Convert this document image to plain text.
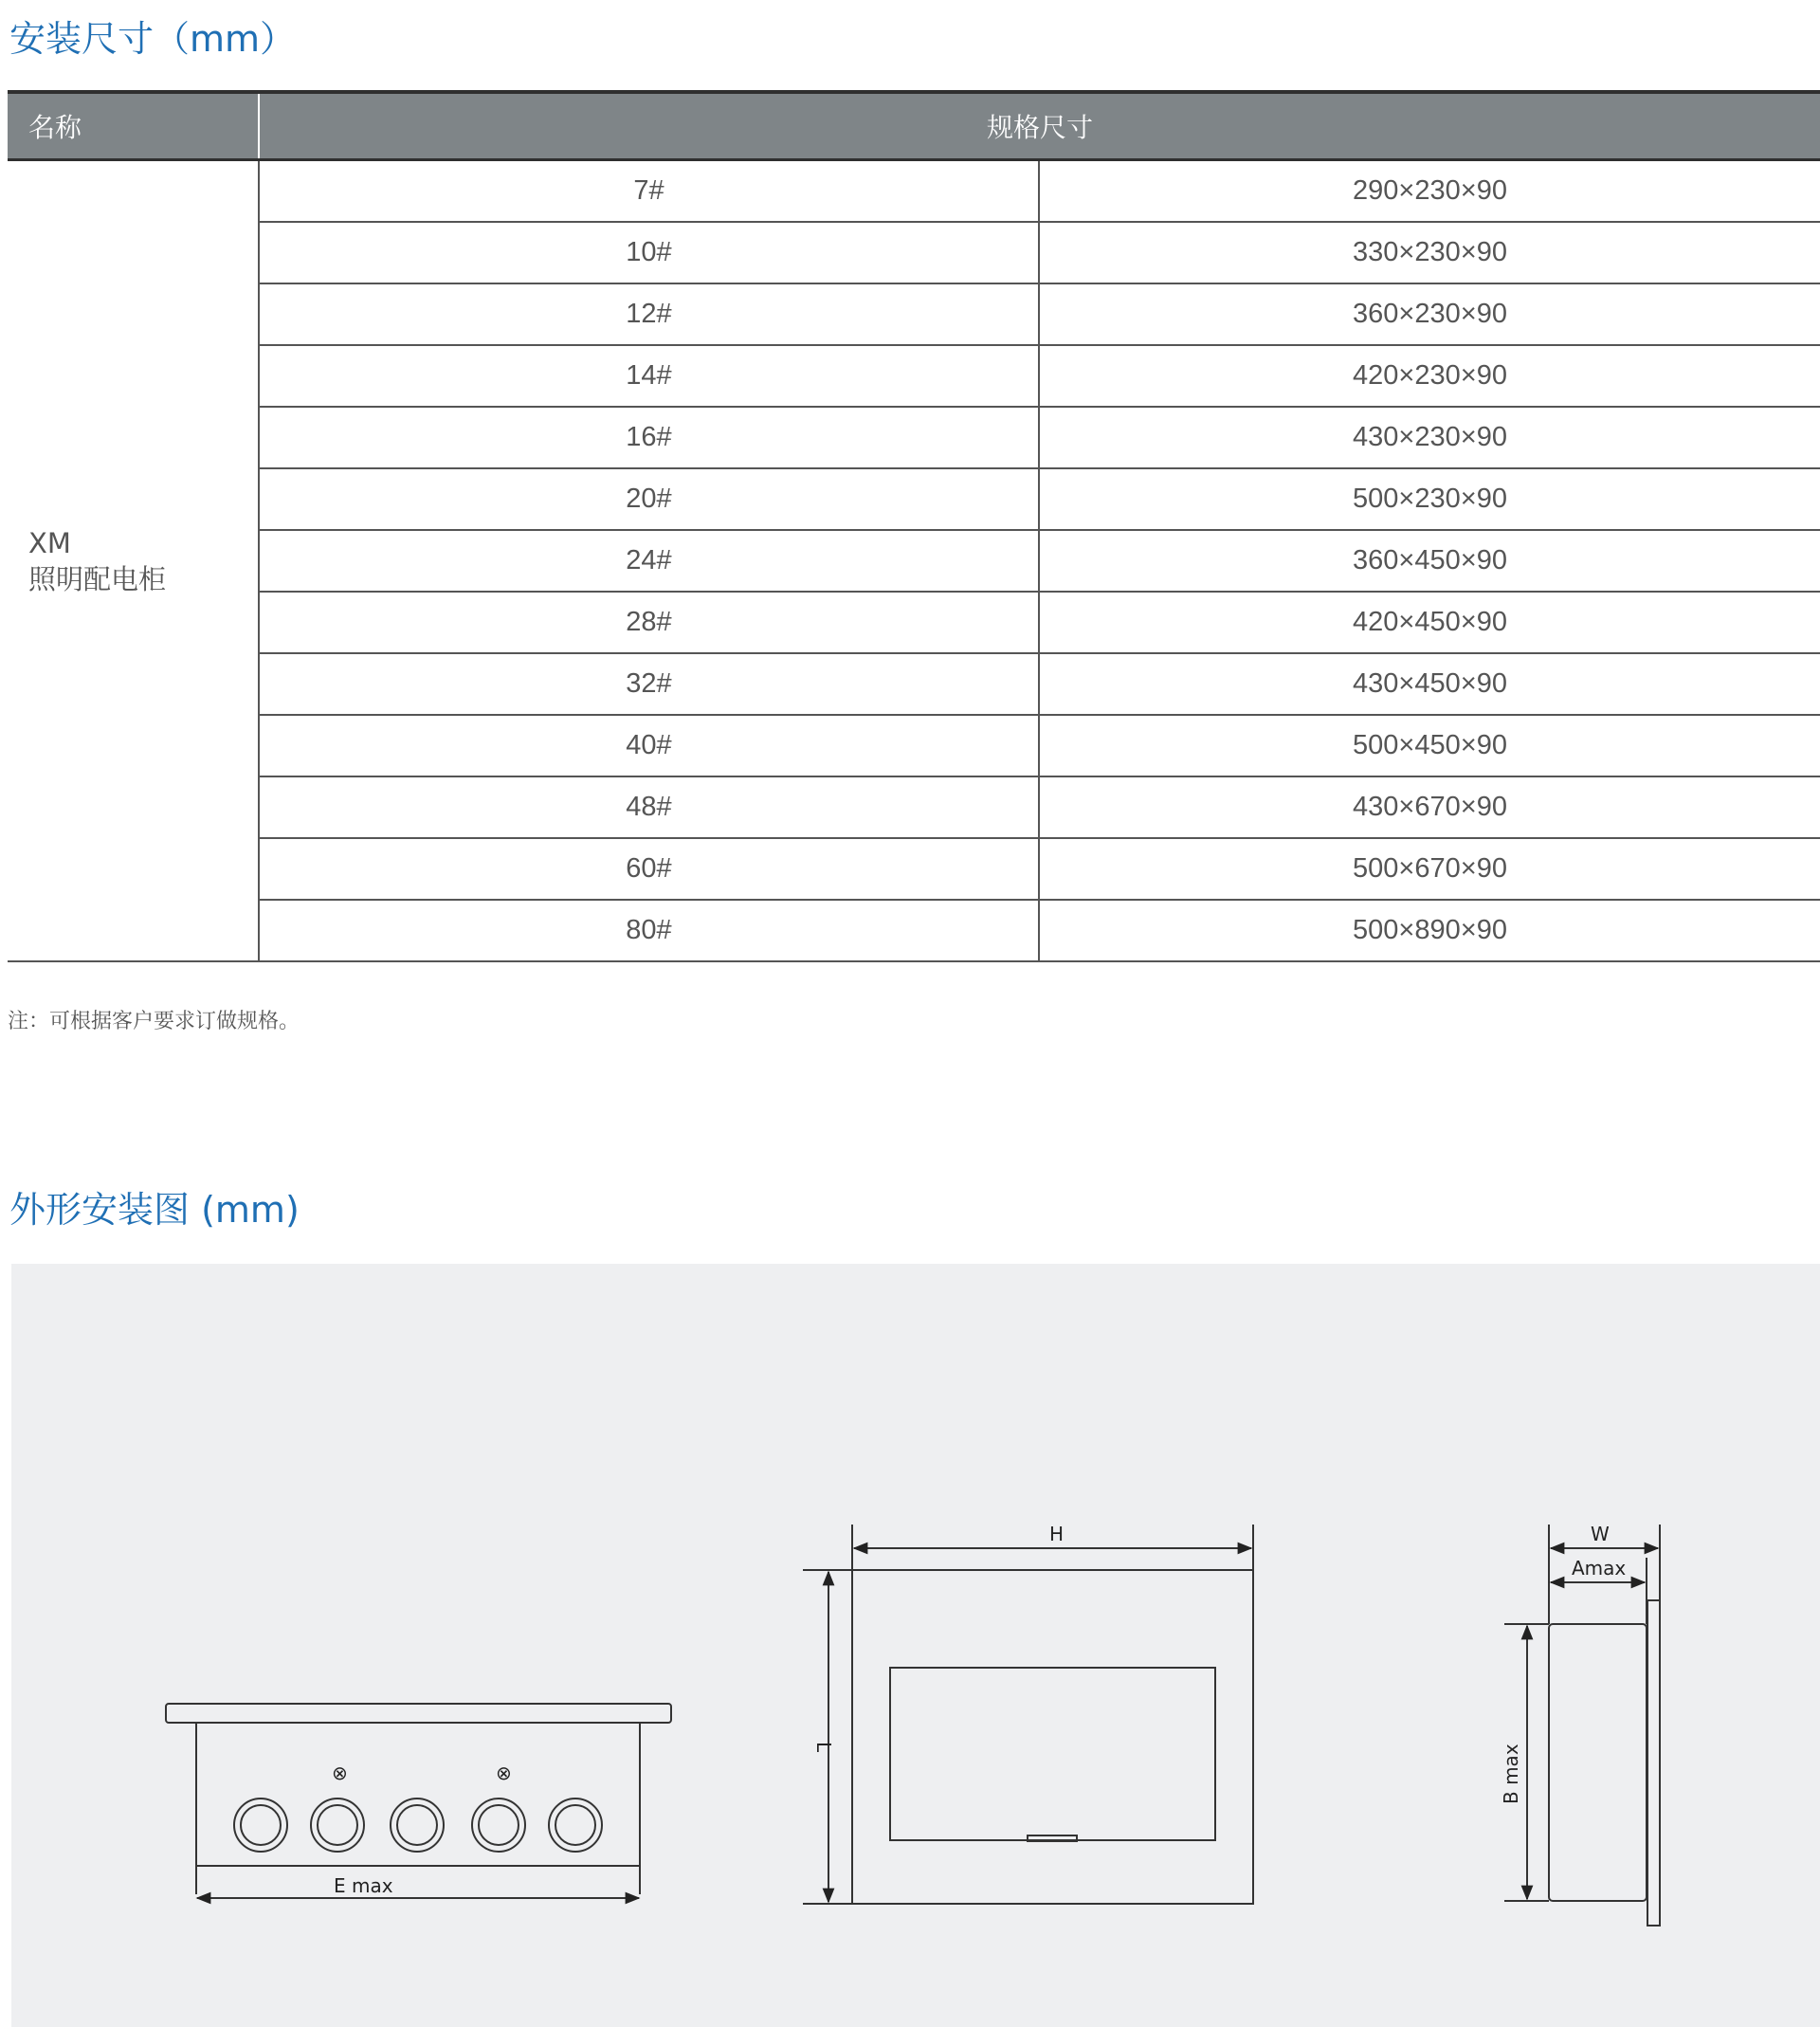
安装尺寸（mm）
名称	规格尺寸	

XM
照明配电柜	7#	290×230×90
	10#	330×230×90
	12#	360×230×90
	14#	420×230×90
	16#	430×230×90
	20#	500×230×90
	24#	360×450×90
	28#	420×450×90
	32#	430×450×90
	40#	500×450×90
	48#	430×670×90
	60#	500×670×90
	80#	500×890×90
注：可根据客户要求订做规格。
外形安装图 (mm)
E max
H
L
W
Amax
B max
⊗	⊗
